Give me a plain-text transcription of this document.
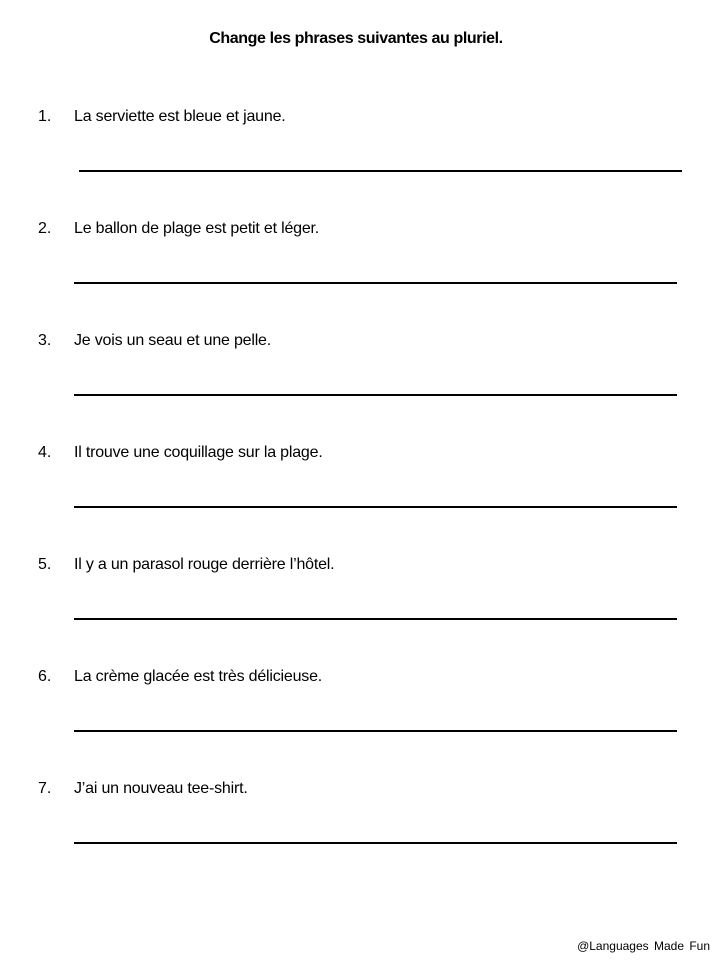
Change les phrases suivantes au pluriel.
1. La serviette est bleue et jaune.
2. Le ballon de plage est petit et léger.
3. Je vois un seau et une pelle.
4. Il trouve une coquillage sur la plage.
5. Il y a un parasol rouge derrière l’hôtel.
6. La crème glacée est très délicieuse.
7. J’ai un nouveau tee-shirt.
@Languages Made Fun
